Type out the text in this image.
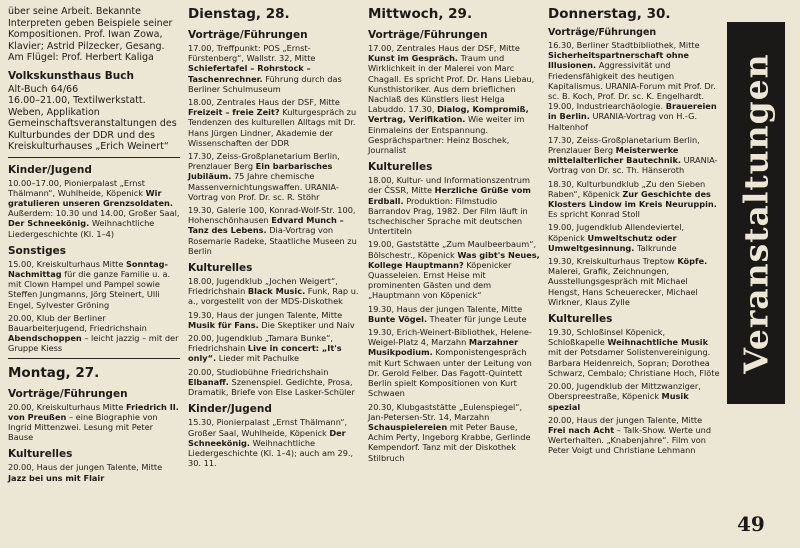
über seine Arbeit. Bekannte Interpreten geben Beispiele seiner Kompositionen. Prof. Iwan Zowa, Klavier; Astrid Pilzecker, Gesang. Am Flügel: Prof. Herbert Kaliga
Volkskunsthaus Buch
Alt-Buch 64/66
16.00–21.00, Textilwerkstatt. Weben, Applikation Gemeinschaftsveranstaltungen des Kulturbundes der DDR und des Kreiskulturhauses „Erich Weinert“
Kinder/Jugend
10.00–17.00, Pionierpalast „Ernst Thälmann“, Wuhlheide, Köpenick Wir gratulieren unseren Grenzsoldaten. Außerdem: 10.30 und 14.00, Großer Saal, Der Schneekönig. Weihnachtliche Liedergeschichte (Kl. 1–4)
Sonstiges
15.00, Kreiskulturhaus Mitte Sonntag-Nachmittag für die ganze Familie u. a. mit Clown Hampel und Pampel sowie Steffen Jungmanns, Jörg Steinert, Ulli Engel, Sylvester Gröning
20.00, Klub der Berliner Bauarbeiterjugend, Friedrichshain Abendschoppen – leicht jazzig – mit der Gruppe Kiess
Montag, 27.
Vorträge/Führungen
20.00, Kreiskulturhaus Mitte Friedrich II. von Preußen – eine Biographie von Ingrid Mittenzwei. Lesung mit Peter Bause
Kulturelles
20.00, Haus der jungen Talente, Mitte Jazz bei uns mit Flair
Dienstag, 28.
Vorträge/Führungen
17.00, Treffpunkt: POS „Ernst-Fürstenberg“, Wallstr. 32, Mitte Schiefertafel – Rohrstock – Taschenrechner. Führung durch das Berliner Schulmuseum
18.00, Zentrales Haus der DSF, Mitte Freizeit – freie Zeit? Kulturgespräch zu Tendenzen des kulturellen Alltags mit Dr. Hans Jürgen Lindner, Akademie der Wissenschaften der DDR
17.30, Zeiss-Großplanetarium Berlin, Prenzlauer Berg Ein barbarisches Jubiläum. 75 Jahre chemische Massenvernichtungswaffen. URANIA-Vortrag von Prof. Dr. sc. R. Stöhr
19.30, Galerie 100, Konrad-Wolf-Str. 100, Hohenschönhausen Edvard Munch – Tanz des Lebens. Dia-Vortrag von Rosemarie Radeke, Staatliche Museen zu Berlin
Kulturelles
18.00, Jugendklub „Jochen Weigert“, Friedrichshain Black Music. Funk, Rap u. a., vorgestellt von der MDS-Diskothek
19.30, Haus der jungen Talente, Mitte Musik für Fans. Die Skeptiker und Naiv
20.00, Jugendklub „Tamara Bunke“, Friedrichshain Live in concert: „It's only“. Lieder mit Pachulke
20.00, Studiobühne Friedrichshain Elbanaff. Szenenspiel. Gedichte, Prosa, Dramatik, Briefe von Else Lasker-Schüler
Kinder/Jugend
15.30, Pionierpalast „Ernst Thälmann“, Großer Saal, Wuhlheide, Köpenick Der Schneekönig. Weihnachtliche Liedergeschichte (Kl. 1–4); auch am 29., 30. 11.
Mittwoch, 29.
Vorträge/Führungen
17.00, Zentrales Haus der DSF, Mitte Kunst im Gespräch. Traum und Wirklichkeit in der Malerei von Marc Chagall. Es spricht Prof. Dr. Hans Liebau, Kunsthistoriker. Aus dem brieflichen Nachlaß des Künstlers liest Helga Labuddo. 17.30, Dialog, Kompromiß, Vertrag, Verifikation. Wie weiter im Einmaleins der Entspannung. Gesprächspartner: Heinz Boschek, Journalist
Kulturelles
18.00, Kultur- und Informationszentrum der ČSSR, Mitte Herzliche Grüße vom Erdball. Produktion: Filmstudio Barrandov Prag, 1982. Der Film läuft in tschechischer Sprache mit deutschen Untertiteln
19.00, Gaststätte „Zum Maulbeerbaum“, Bölschestr., Köpenick Was gibt's Neues, Kollege Hauptmann? Köpenicker Quasseleien. Ernst Heise mit prominenten Gästen und dem „Hauptmann von Köpenick“
19.30, Haus der jungen Talente, Mitte Bunte Vögel. Theater für junge Leute
19.30, Erich-Weinert-Bibliothek, Helene-Weigel-Platz 4, Marzahn Marzahner Musikpodium. Komponistengespräch mit Kurt Schwaen unter der Leitung von Dr. Gerold Felber. Das Fagott-Quintett Berlin spielt Kompositionen von Kurt Schwaen
20.30, Klubgaststätte „Eulenspiegel“, Jan-Petersen-Str. 14, Marzahn Schauspielereien mit Peter Bause, Achim Perty, Ingeborg Krabbe, Gerlinde Kempendorf. Tanz mit der Diskothek Stilbruch
Donnerstag, 30.
Vorträge/Führungen
16.30, Berliner Stadtbibliothek, Mitte Sicherheitspartnerschaft ohne Illusionen. Aggressivität und Friedensfähigkeit des heutigen Kapitalismus. URANIA-Forum mit Prof. Dr. sc. B. Koch, Prof. Dr. sc. K. Engelhardt. 19.00, Industriearchäologie. Brauereien in Berlin. URANIA-Vortrag von H.-G. Haltenhof
17.30, Zeiss-Großplanetarium Berlin, Prenzlauer Berg Meisterwerke mittelalterlicher Bautechnik. URANIA-Vortrag von Dr. sc. Th. Hänseroth
18.30, Kulturbundklub „Zu den Sieben Raben“, Köpenick Zur Geschichte des Klosters Lindow im Kreis Neuruppin. Es spricht Konrad Stoll
19.00, Jugendklub Allendeviertel, Köpenick Umweltschutz oder Umweltgesinnung. Talkrunde
19.30, Kreiskulturhaus Treptow Köpfe. Malerei, Grafik, Zeichnungen, Ausstellungsgespräch mit Michael Hengst, Hans Scheuerecker, Michael Wirkner, Klaus Zylle
Kulturelles
19.30, Schloßinsel Köpenick, Schloßkapelle Weihnachtliche Musik mit der Potsdamer Solistenvereinigung. Barbara Heidenreich, Sopran; Dorothea Schwarz, Cembalo; Christiane Hoch, Flöte
20.00, Jugendklub der Mittzwanziger, Oberspreestraße, Köpenick Musik spezial
20.00, Haus der jungen Talente, Mitte Frei nach Acht – Talk-Show. Werte und Werterhalten. „Knabenjahre“. Film von Peter Voigt und Christiane Lehmann
Veranstaltungen
49
